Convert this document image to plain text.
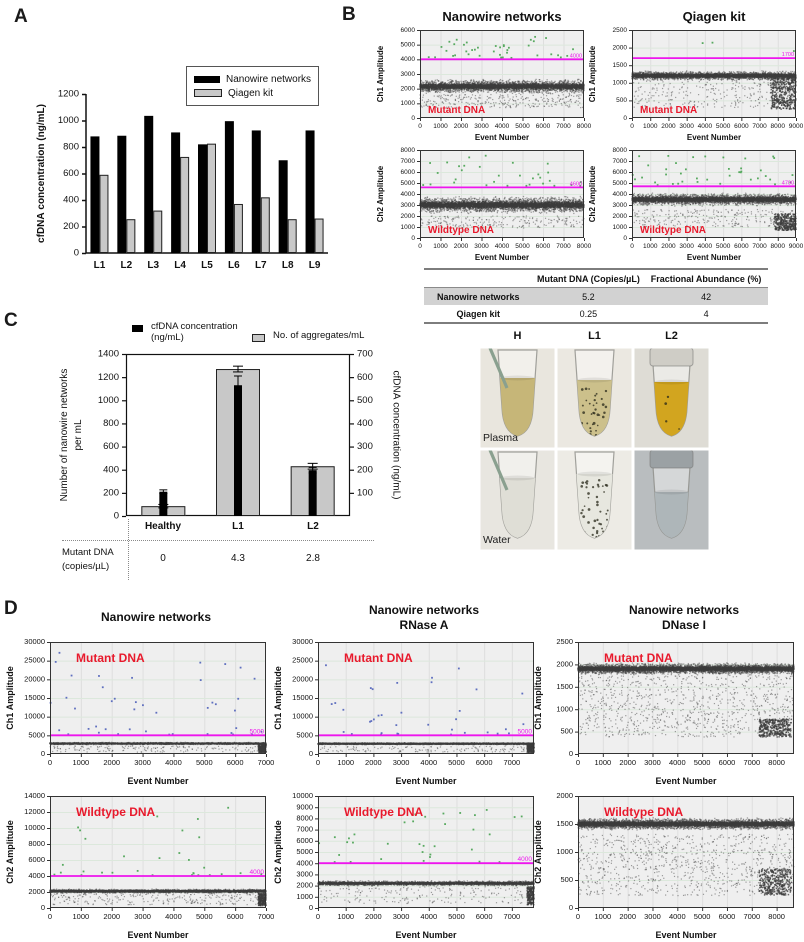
A	B
C
D
Nanowire networks
Qiagen kit
Nanowire networks	Qiagen kit
	Mutant DNA (Copies/µL)	Fractional Abundance (%)
Nanowire networks	5.2	42
Qiagen kit	0.25	4
cfDNA concentration
(ng/mL)	No. of aggregates/mL
Healthy	L1	L2
Mutant DNA
(copies/µL)
0	4.3	2.8
H	L1	L2
Plasma
Water
Nanowire networks	Nanowire networks
RNase A
Nanowire networks
DNase I
